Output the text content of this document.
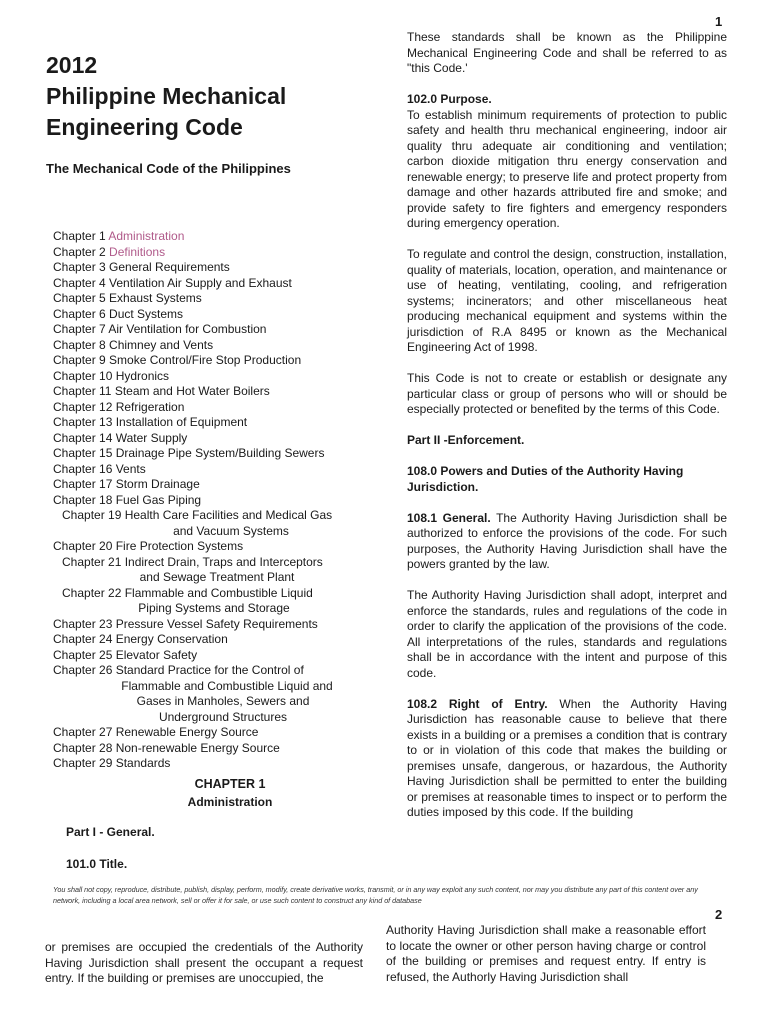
1
2012
Philippine Mechanical
Engineering Code
The Mechanical Code of the Philippines
Chapter 1 Administration
Chapter 2 Definitions
Chapter 3 General Requirements
Chapter 4 Ventilation Air Supply and Exhaust
Chapter 5 Exhaust Systems
Chapter 6 Duct Systems
Chapter 7 Air Ventilation for Combustion
Chapter 8 Chimney and Vents
Chapter 9 Smoke Control/Fire Stop Production
Chapter 10 Hydronics
Chapter 11 Steam and Hot Water Boilers
Chapter 12 Refrigeration
Chapter 13 Installation of Equipment
Chapter 14 Water Supply
Chapter 15 Drainage Pipe System/Building Sewers
Chapter 16 Vents
Chapter 17 Storm Drainage
Chapter 18 Fuel Gas Piping
Chapter 19 Health Care Facilities and Medical Gas
and Vacuum Systems
Chapter 20 Fire Protection Systems
Chapter 21 Indirect Drain, Traps and Interceptors
and Sewage Treatment Plant
Chapter 22 Flammable and Combustible Liquid
Piping Systems and Storage
Chapter 23 Pressure Vessel Safety Requirements
Chapter 24 Energy Conservation
Chapter 25 Elevator Safety
Chapter 26 Standard Practice for the Control of
Flammable and Combustible Liquid and
Gases in Manholes, Sewers and
Underground Structures
Chapter 27 Renewable Energy Source
Chapter 28 Non-renewable Energy Source
Chapter 29 Standards
CHAPTER 1
Administration
Part I - General.
101.0 Title.

These standards shall be known as the Philippine Mechanical Engineering Code and shall be referred to as "this Code.'

102.0 Purpose.

To establish minimum requirements of protection to public safety and health thru mechanical engineering, indoor air quality thru adequate air conditioning and ventilation; carbon dioxide mitigation thru energy conservation and renewable energy; to preserve life and protect property from damage and other hazards attributed fire and smoke; and provide safety to fire fighters and emergency responders during emergency operation.

To regulate and control the design, construction, installation, quality of materials, location, operation, and maintenance or use of heating, ventilating, cooling, and refrigeration systems; incinerators; and other miscellaneous heat producing mechanical equipment and systems within the jurisdiction of R.A 8495 or known as the Mechanical Engineering Act of 1998.

This Code is not to create or establish or designate any particular class or group of persons who will or should be especially protected or benefited by the terms of this Code.

Part II -Enforcement.

108.0 Powers and Duties of the Authority Having Jurisdiction.

108.1 General. The Authority Having Jurisdiction shall be authorized to enforce the provisions of the code. For such purposes, the Authority Having Jurisdiction shall have the powers granted by the law.

The Authority Having Jurisdiction shall adopt, interpret and enforce the standards, rules and regulations of the code in order to clarify the application of the provisions of the code. All interpretations of the rules, standards and regulations shall be in accordance with the intent and purpose of this code.

108.2 Right of Entry. When the Authority Having Jurisdiction has reasonable cause to believe that there exists in a building or a premises a condition that is contrary to or in violation of this code that makes the building or premises unsafe, dangerous, or hazardous, the Authority Having Jurisdiction shall be permitted to enter the building or premises at reasonable times to inspect or to perform the duties imposed by this code. If the building

You shall not copy, reproduce, distribute, publish, display, perform, modify, create derivative works, transmit, or in any way exploit any such content, nor may you distribute any part of this content over any network, including a local area network, sell or offer it for sale, or use such content to construct any kind of database
2
or premises are occupied the credentials of the Authority Having Jurisdiction shall present the occupant a request entry. If the building or premises are unoccupied, the
Authority Having Jurisdiction shall make a reasonable effort to locate the owner or other person having charge or control of the building or premises and request entry. If entry is refused, the Authorly Having Jurisdiction shall
